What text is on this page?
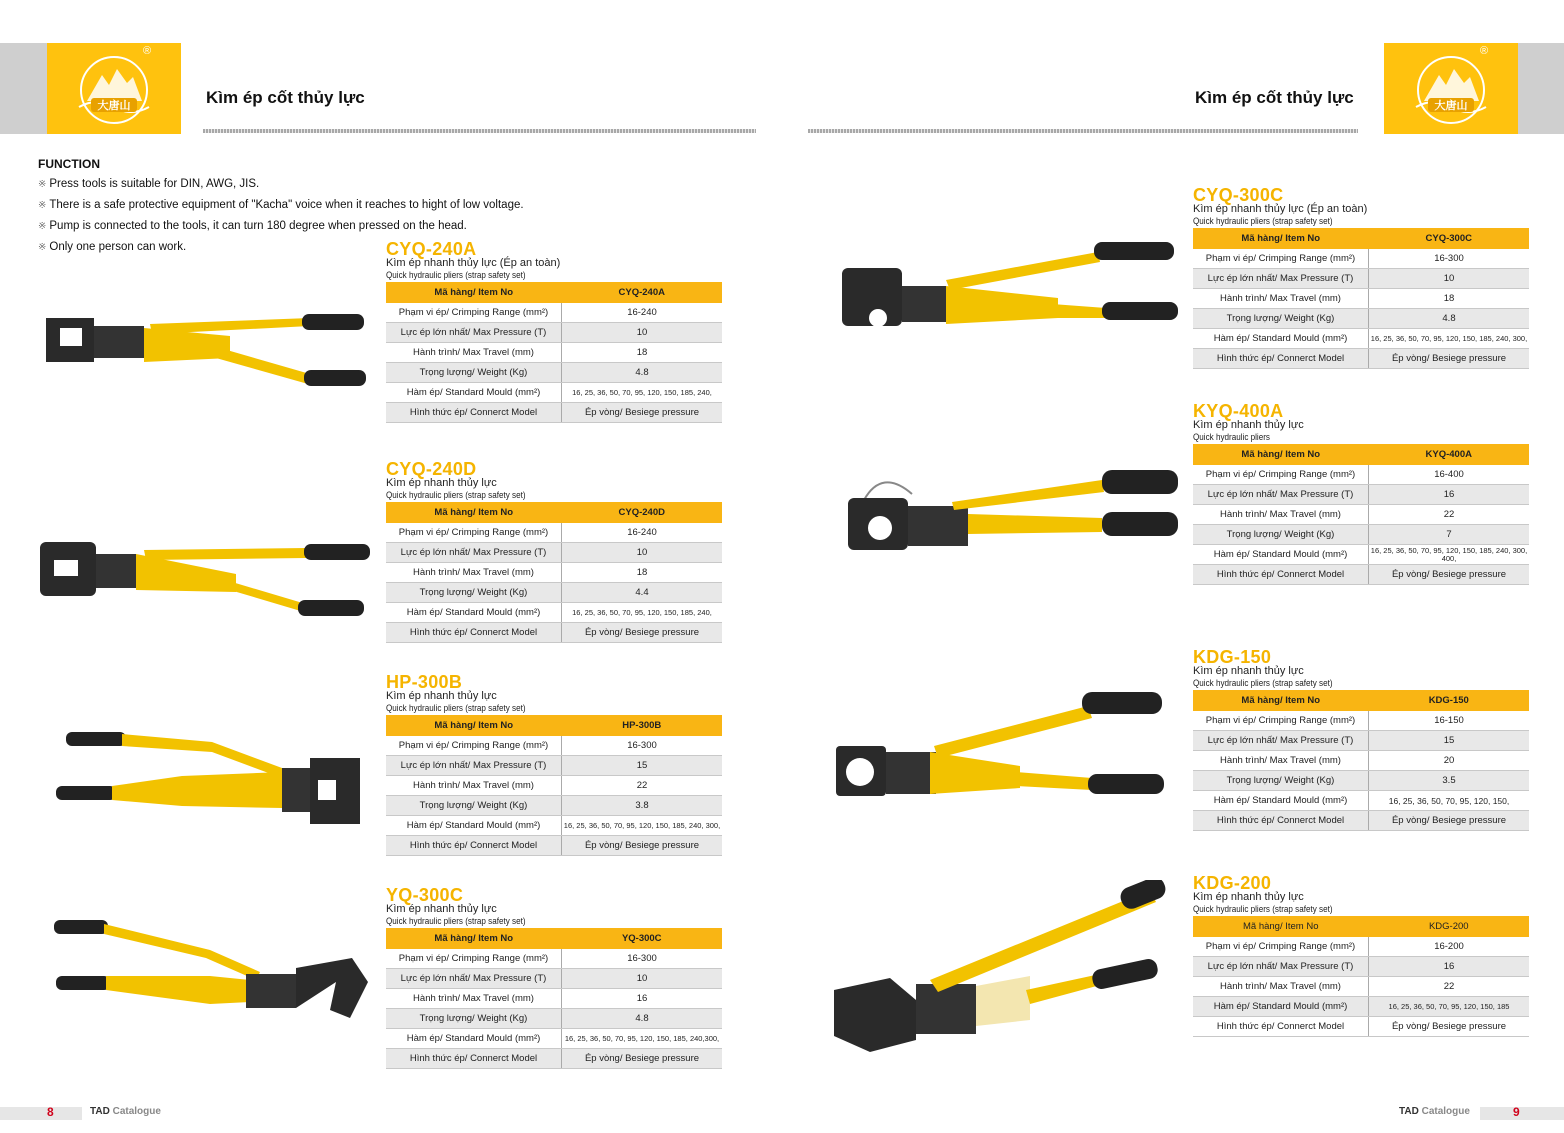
大唐山
®
大唐山
®
Kìm ép cốt thủy lực	Kìm ép cốt thủy lực
FUNCTION
※ Press tools is suitable for DIN, AWG, JIS.
※ There is a safe protective equipment of "Kacha" voice when it reaches to hight of low voltage.
※ Pump is connected to the tools, it can turn 180 degree when pressed on the head.
※ Only one person can work.	CYQ-240A
Kìm ép nhanh thủy lực (Ép an toàn)
Quick hydraulic pliers (strap safety set)
Mã hàng/ Item No	CYQ-240A
Phạm vi ép/ Crimping Range (mm²)	16-240
Lực ép lớn nhất/ Max Pressure (T)	10
Hành trình/ Max Travel (mm)	18
Trọng lượng/ Weight (Kg)	4.8
Hàm ép/ Standard Mould (mm²)	16, 25, 36, 50, 70, 95, 120, 150, 185, 240,
Hình thức ép/ Connerct Model	Ép vòng/ Besiege pressure
CYQ-240D
Kìm ép nhanh thủy lực
Quick hydraulic pliers (strap safety set)
Mã hàng/ Item No	CYQ-240D
Phạm vi ép/ Crimping Range (mm²)	16-240
Lực ép lớn nhất/ Max Pressure (T)	10
Hành trình/ Max Travel (mm)	18
Trọng lượng/ Weight (Kg)	4.4
Hàm ép/ Standard Mould (mm²)	16, 25, 36, 50, 70, 95, 120, 150, 185, 240,
Hình thức ép/ Connerct Model	Ép vòng/ Besiege pressure
HP-300B
Kìm ép nhanh thủy lực
Quick hydraulic pliers (strap safety set)
Mã hàng/ Item No	HP-300B
Phạm vi ép/ Crimping Range (mm²)	16-300
Lực ép lớn nhất/ Max Pressure (T)	15
Hành trình/ Max Travel (mm)	22
Trọng lượng/ Weight (Kg)	3.8
Hàm ép/ Standard Mould (mm²)	16, 25, 36, 50, 70, 95, 120, 150, 185, 240, 300,
Hình thức ép/ Connerct Model	Ép vòng/ Besiege pressure
YQ-300C
Kìm ép nhanh thủy lực
Quick hydraulic pliers (strap safety set)
Mã hàng/ Item No	YQ-300C
Phạm vi ép/ Crimping Range (mm²)	16-300
Lực ép lớn nhất/ Max Pressure (T)	10
Hành trình/ Max Travel (mm)	16
Trọng lượng/ Weight (Kg)	4.8
Hàm ép/ Standard Mould (mm²)	16, 25, 36, 50, 70, 95, 120, 150, 185, 240,300,
Hình thức ép/ Connerct Model	Ép vòng/ Besiege pressure
CYQ-300C
Kìm ép nhanh thủy lực (Ép an toàn)
Quick hydraulic pliers (strap safety set)
Mã hàng/ Item No	CYQ-300C
Phạm vi ép/ Crimping Range (mm²)	16-300
Lực ép lớn nhất/ Max Pressure (T)	10
Hành trình/ Max Travel (mm)	18
Trọng lượng/ Weight (Kg)	4.8
Hàm ép/ Standard Mould (mm²)	16, 25, 36, 50, 70, 95, 120, 150, 185, 240, 300,
Hình thức ép/ Connerct Model	Ép vòng/ Besiege pressure
KYQ-400A
Kìm ép nhanh thủy lực
Quick hydraulic pliers
Mã hàng/ Item No	KYQ-400A
Phạm vi ép/ Crimping Range (mm²)	16-400
Lực ép lớn nhất/ Max Pressure (T)	16
Hành trình/ Max Travel (mm)	22
Trọng lượng/ Weight (Kg)	7
Hàm ép/ Standard Mould (mm²)	16, 25, 36, 50, 70, 95, 120, 150, 185, 240, 300, 400,
Hình thức ép/ Connerct Model	Ép vòng/ Besiege pressure
KDG-150
Kìm ép nhanh thủy lực
Quick hydraulic pliers (strap safety set)
Mã hàng/ Item No	KDG-150
Phạm vi ép/ Crimping Range (mm²)	16-150
Lực ép lớn nhất/ Max Pressure (T)	15
Hành trình/ Max Travel (mm)	20
Trọng lượng/ Weight (Kg)	3.5
Hàm ép/ Standard Mould (mm²)	16, 25, 36, 50, 70, 95, 120, 150,
Hình thức ép/ Connerct Model	Ép vòng/ Besiege pressure
KDG-200
Kìm ép nhanh thủy lực
Quick hydraulic pliers (strap safety set)
Mã hàng/ Item No	KDG-200
Phạm vi ép/ Crimping Range (mm²)	16-200
Lực ép lớn nhất/ Max Pressure (T)	16
Hành trình/ Max Travel (mm)	22
Hàm ép/ Standard Mould (mm²)	16, 25, 36, 50, 70, 95, 120, 150, 185
Hình thức ép/ Connerct Model	Ép vòng/ Besiege pressure
8	TAD Catalogue	TAD Catalogue	9
